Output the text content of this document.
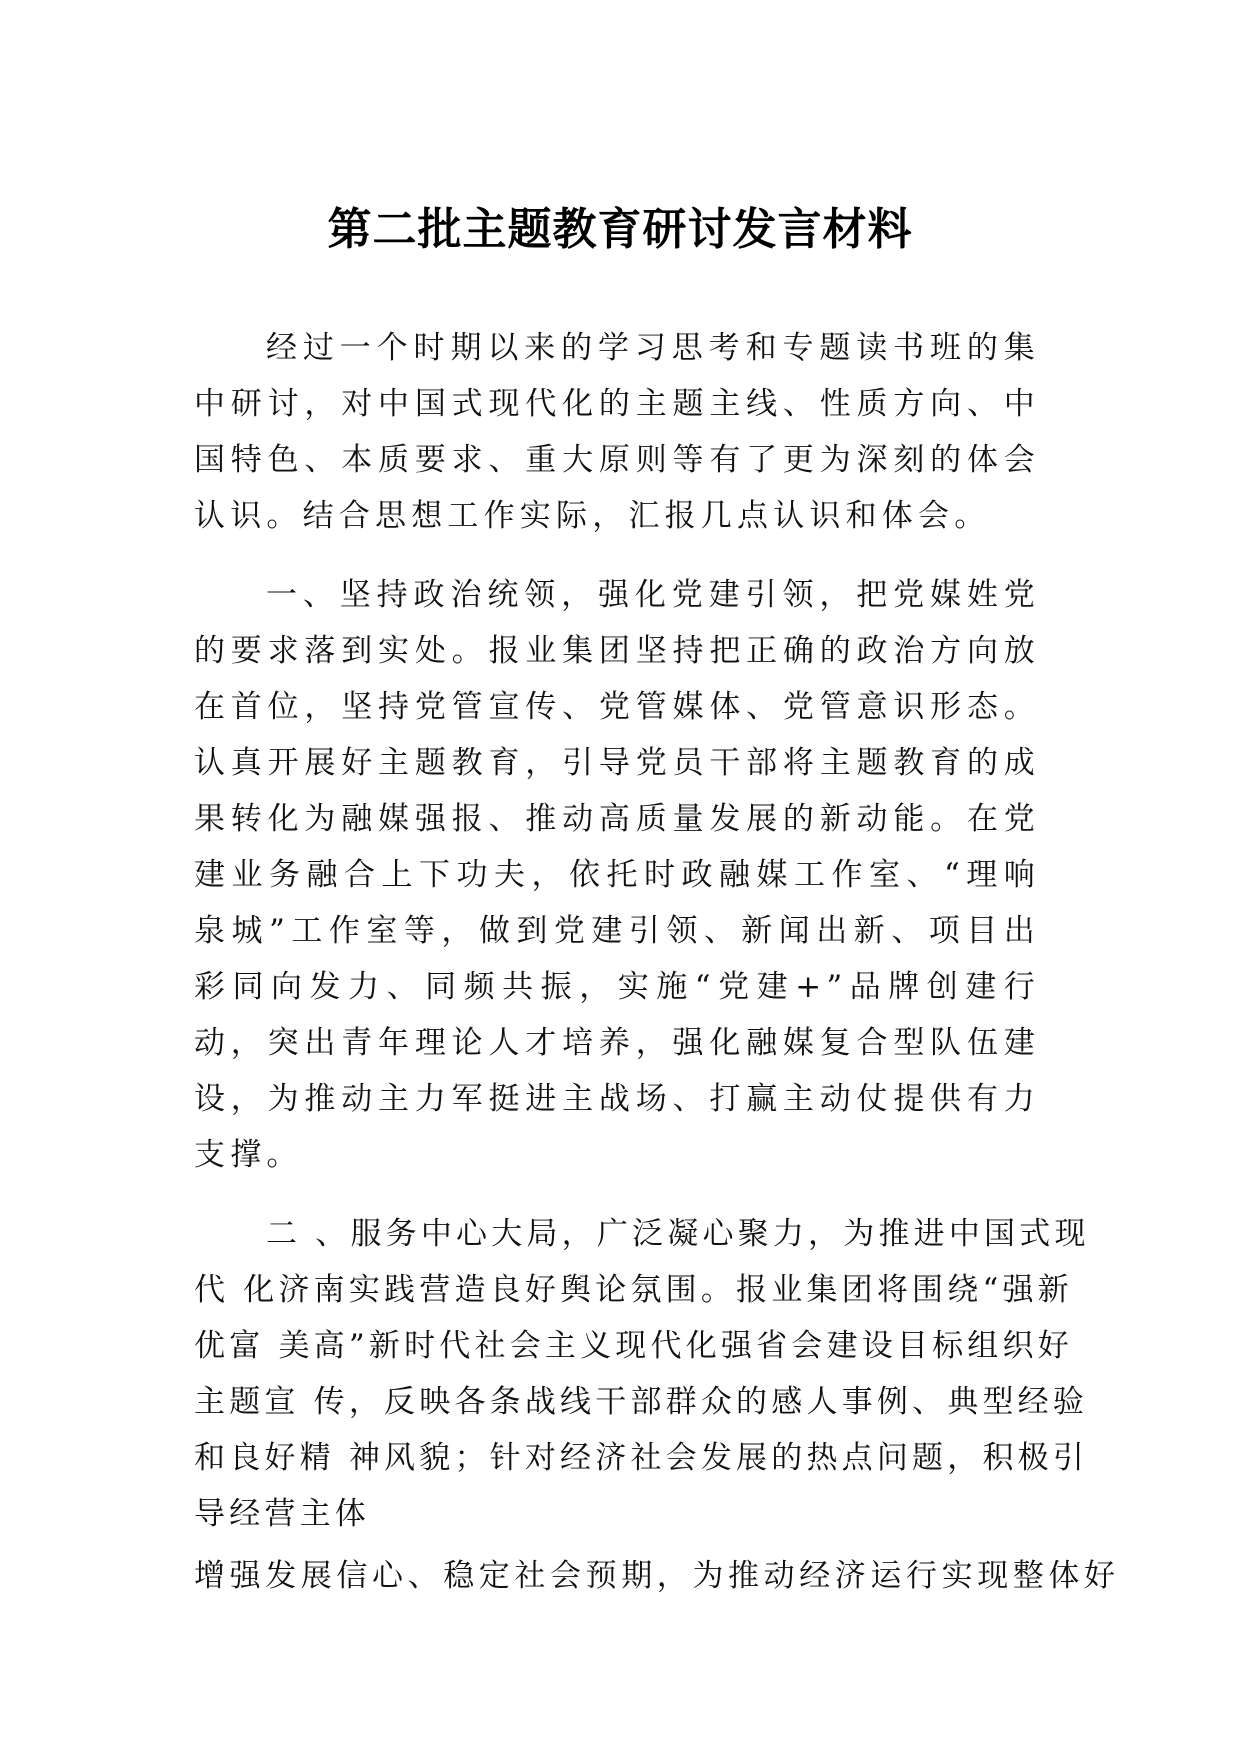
第二批主题教育研讨发言材料

经过一个时期以来的学习思考和专题读书班的集中研讨，对中国式现代化的主题主线、性质方向、中国特色、本质要求、重大原则等有了更为深刻的体会认识。结合思想工作实际，汇报几点认识和体会。

一、坚持政治统领，强化党建引领，把党媒姓党的要求落到实处。报业集团坚持把正确的政治方向放在首位，坚持党管宣传、党管媒体、党管意识形态。认真开展好主题教育，引导党员干部将主题教育的成果转化为融媒强报、推动高质量发展的新动能。在党建业务融合上下功夫，依托时政融媒工作室、“理响泉城”工作室等，做到党建引领、新闻出新、项目出彩同向发力、同频共振，实施“党建+”品牌创建行动，突出青年理论人才培养，强化融媒复合型队伍建设，为推动主力军挺进主战场、打赢主动仗提供有力支撑。

二 、服务中心大局，广泛凝心聚力，为推进中国式现
代 化济南实践营造良好舆论氛围。报业集团将围绕“强新
优富 美高”新时代社会主义现代化强省会建设目标组织好
主题宣 传，反映各条战线干部群众的感人事例、典型经验
和良好精 神风貌；针对经济社会发展的热点问题，积极引
导经营主体
增强发展信心、稳定社会预期，为推动经济运行实现整体好
